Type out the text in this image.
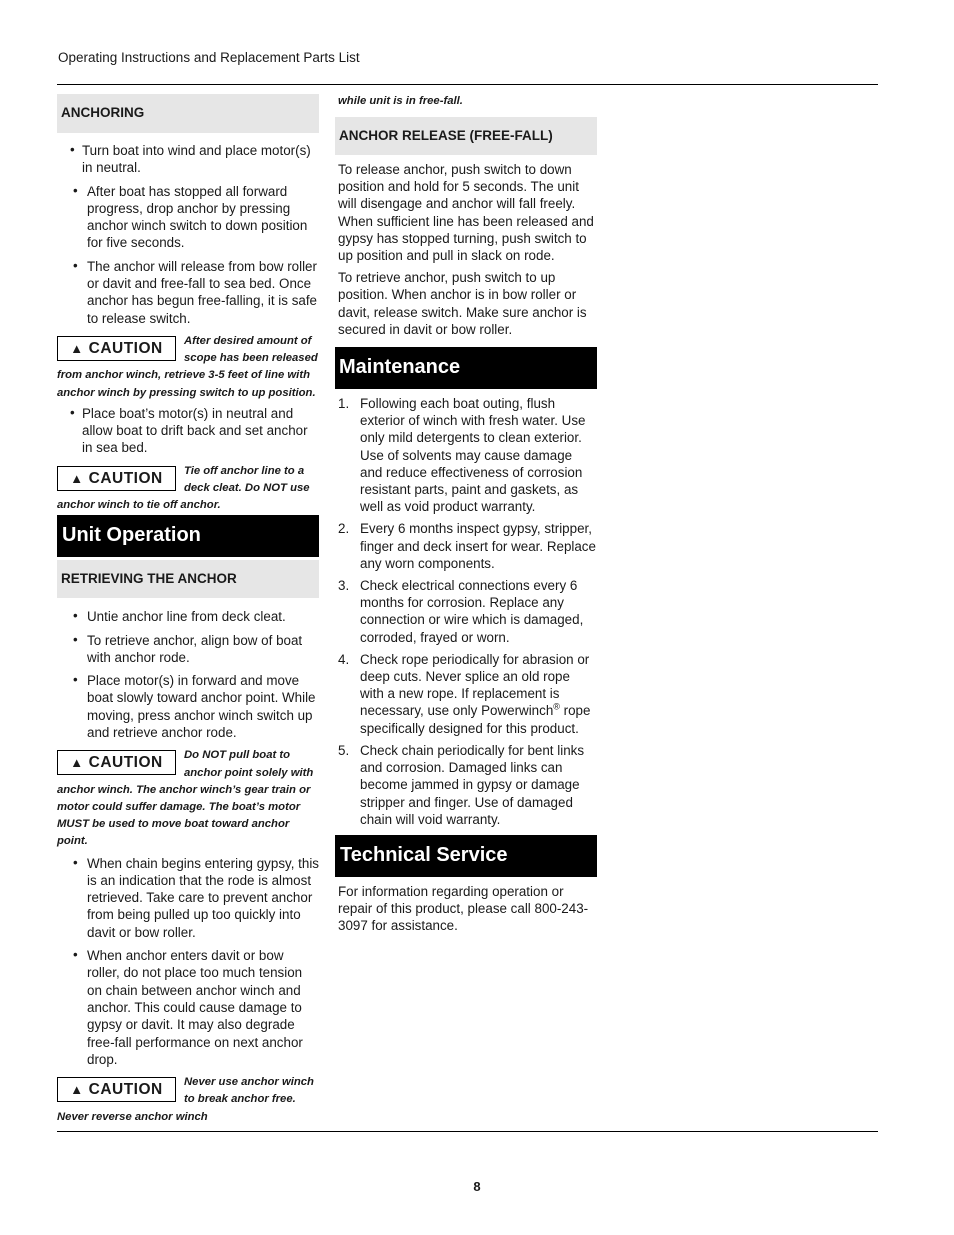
Operating Instructions and Replacement Parts List
ANCHORING
• Turn boat into wind and place motor(s) in neutral.
• After boat has stopped all forward progress, drop anchor by pressing anchor winch switch to down position for five seconds.
• The anchor will release from bow roller or davit and free-fall to sea bed. Once anchor has begun free-falling, it is safe to release switch.
▲ CAUTION After desired amount of scope has been released from anchor winch, retrieve 3-5 feet of line with anchor winch by pressing switch to up position.
• Place boat’s motor(s) in neutral and allow boat to drift back and set anchor in sea bed.
▲ CAUTION Tie off anchor line to a deck cleat. Do NOT use anchor winch to tie off anchor.
Unit Operation
RETRIEVING THE ANCHOR
• Untie anchor line from deck cleat.
• To retrieve anchor, align bow of boat with anchor rode.
• Place motor(s) in forward and move boat slowly toward anchor point. While moving, press anchor winch switch up and retrieve anchor rode.
▲ CAUTION Do NOT pull boat to anchor point solely with anchor winch. The anchor winch’s gear train or motor could suffer damage. The boat’s motor MUST be used to move boat toward anchor point.
• When chain begins entering gypsy, this is an indication that the rode is almost retrieved. Take care to prevent anchor from being pulled up too quickly into davit or bow roller.
• When anchor enters davit or bow roller, do not place too much tension on chain between anchor winch and anchor. This could cause damage to gypsy or davit. It may also degrade free-fall performance on next anchor drop.
▲ CAUTION Never use anchor winch to break anchor free. Never reverse anchor winch
while unit is in free-fall.
ANCHOR RELEASE (FREE-FALL)

To release anchor, push switch to down position and hold for 5 seconds. The unit will disengage and anchor will fall freely. When sufficient line has been released and gypsy has stopped turning, push switch to up position and pull in slack on rode.

To retrieve anchor, push switch to up position. When anchor is in bow roller or davit, release switch. Make sure anchor is secured in davit or bow roller.

Maintenance
1. Following each boat outing, flush exterior of winch with fresh water. Use only mild detergents to clean exterior. Use of solvents may cause damage and reduce effectiveness of corrosion resistant parts, paint and gaskets, as well as void product warranty.
2. Every 6 months inspect gypsy, stripper, finger and deck insert for wear. Replace any worn components.
3. Check electrical connections every 6 months for corrosion. Replace any connection or wire which is damaged, corroded, frayed or worn.
4. Check rope periodically for abrasion or deep cuts. Never splice an old rope with a new rope. If replacement is necessary, use only Powerwinch® rope specifically designed for this product.
5. Check chain periodically for bent links and corrosion. Damaged links can become jammed in gypsy or damage stripper and finger. Use of damaged chain will void warranty.
Technical Service

For information regarding operation or repair of this product, please call 800-243-3097 for assistance.

8
